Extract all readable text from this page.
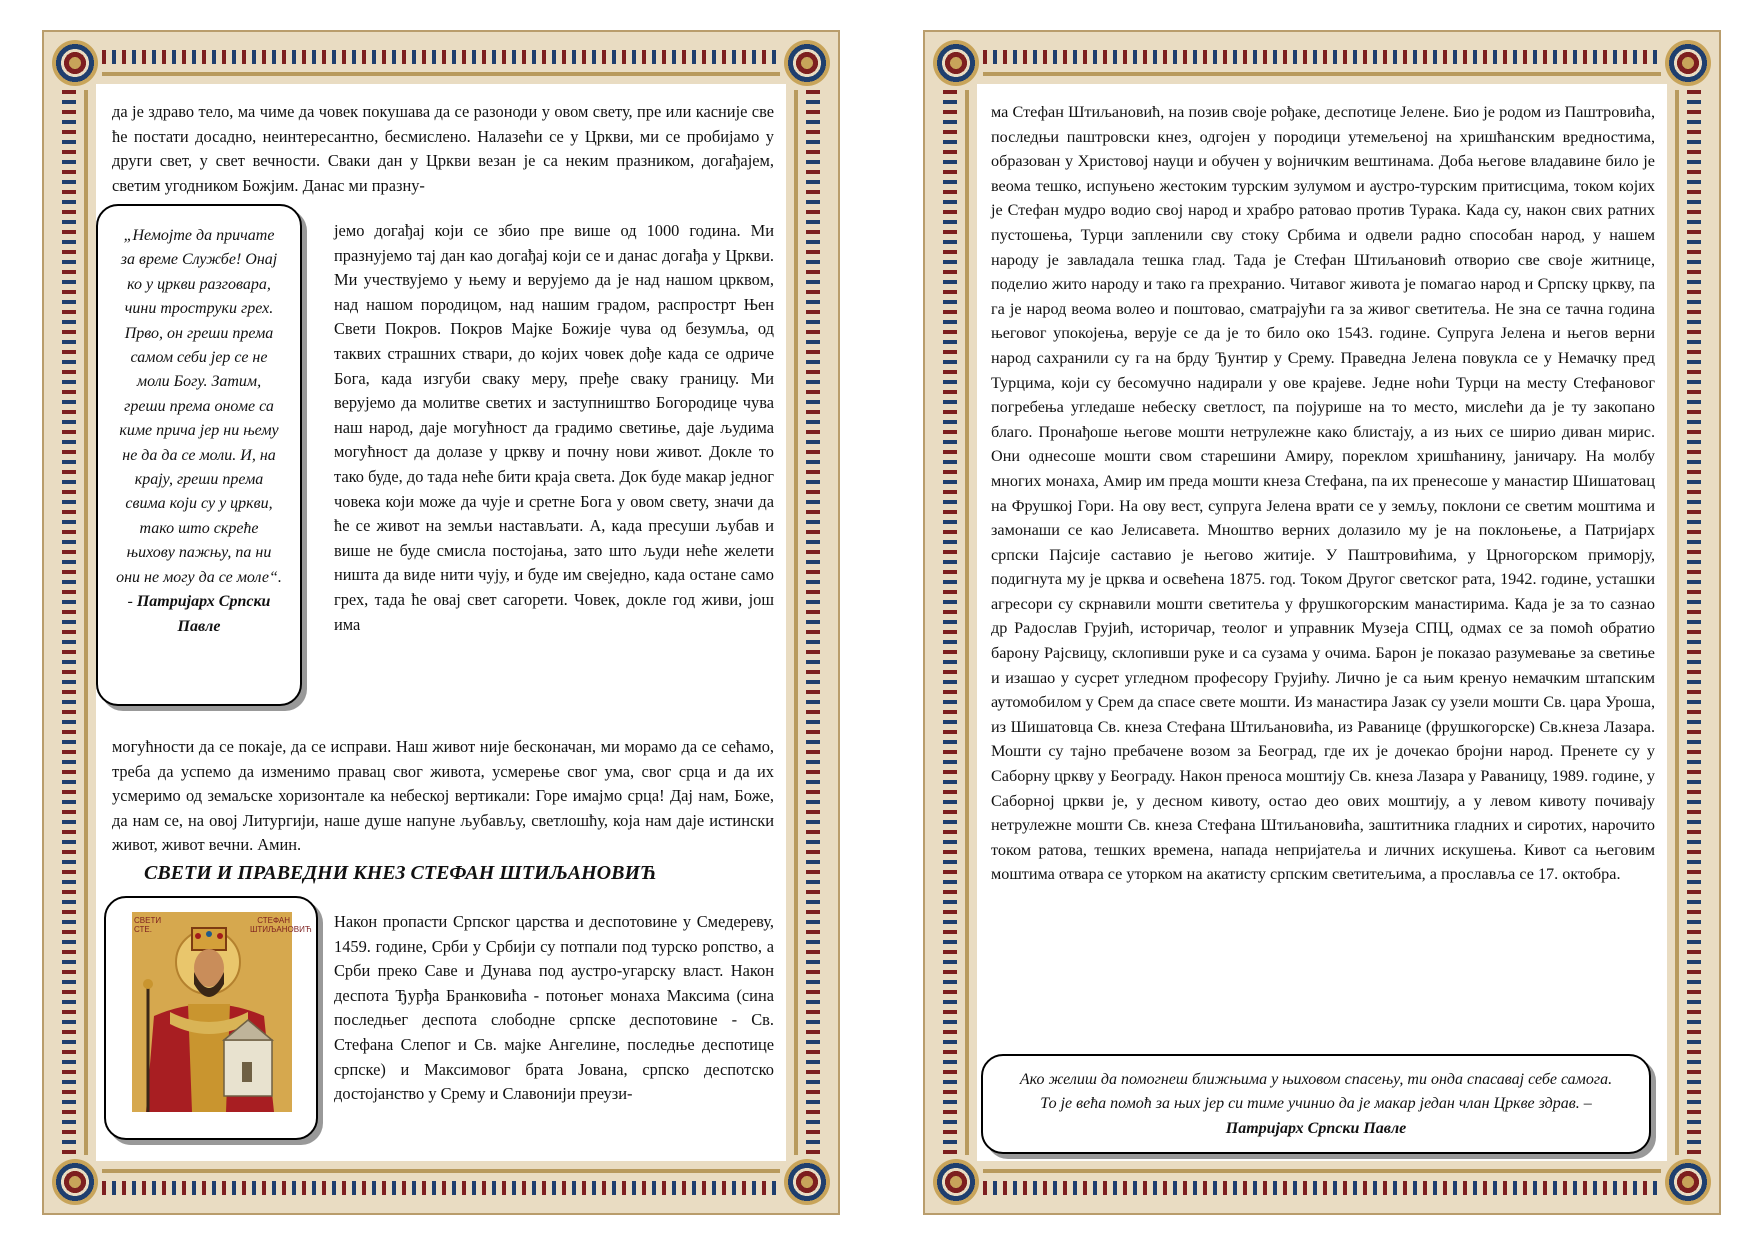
да је здраво тело, ма чиме да човек покушава да се разоноди у овом свету, пре или касније све ће постати досадно, неинтересантно, бесмислено. Налазећи се у Цркви, ми се пробијамо у други свет, у свет вечности. Сваки дан у Цркви везан је са неким празником, догађајем, светим угодником Божјим. Данас ми празну-

„Немојте да причате за време Службе! Онај ко у цркви разговара, чини троструки грех. Прво, он греши према самом себи јер се не моли Богу. Затим, греши према ономе са киме прича јер ни њему не да да се моли. И, на крају, греши према свима који су у цркви, тако што скреће њихову пажњу, па ни они не могу да се моле“. - Патријарх Српски Павле

јемо догађај који се збио пре више од 1000 година. Ми празнујемо тај дан као догађај који се и данас догађа у Цркви. Ми учествујемо у њему и верујемо да је над нашом црквом, над нашом породицом, над нашим градом, распрострт Њен Свети Покров. Покров Мајке Божије чува од безумља, од таквих страшних ствари, до којих човек дође када се одриче Бога, када изгуби сваку меру, пређе сваку границу. Ми верујемо да молитве светих и заступништво Богородице чува наш народ, даје могућност да градимо светиње, даје људима могућност да долазе у цркву и почну нови живот. Докле то тако буде, до тада неће бити краја света. Док буде макар једног човека који може да чује и сретне Бога у овом свету, значи да ће се живот на земљи настављати. А, када пресуши љубав и више не буде смисла постојања, зато што људи неће желети ништа да виде нити чују, и буде им свеједно, када остане само грех, тада ће овај свет сагорети. Човек, докле год живи, још има

могућности да се покаје, да се исправи. Наш живот није бесконачан, ми морамо да се сећамо, треба да успемо да изменимо правац свог живота, усмерење свог ума, свог срца и да их усмеримо од земаљске хоризонтале ка небеској вертикали: Горе имајмо срца! Дај нам, Боже, да нам се, на овој Литургији, наше душе напуне љубављу, светлошћу, која нам даје истински живот, живот вечни. Амин.

СВЕТИ И ПРАВЕДНИ КНЕЗ СТЕФАН ШТИЉАНОВИЋ
СВЕТИ СТЕ.
СТЕФАН ШТИЉАНОВИЋ Након пропасти Српског царства и деспотовине у Смедереву, 1459. године, Срби у Србији су потпали под турско ропство, а Срби преко Саве и Дунава под аустро-угарску власт. Након деспота Ђурђа Бранковића - потоњег монаха Максима (сина последњег деспота слободне српске деспотовине - Св. Стефана Слепог и Св. мајке Ангелине, последње деспотице српске) и Максимовог брата Јована, српско деспотско достојанство у Срему и Славонији преузи-

ма Стефан Штиљановић, на позив своје рођаке, деспотице Јелене. Био је родом из Паштровића, последњи паштровски кнез, одгојен у породици утемељеној на хришћанским вредностима, образован у Христовој науци и обучен у војничким вештинама. Доба његове владавине било је веома тешко, испуњено жестоким турским зулумом и аустро-турским притисцима, током којих је Стефан мудро водио свој народ и храбро ратовао против Турака. Када су, након свих ратних пустошења, Турци запленили сву стоку Србима и одвели радно способан народ, у нашем народу је завладала тешка глад. Тада је Стефан Штиљановић отворио све своје житнице, поделио жито народу и тако га прехранио. Читавог живота је помагао народ и Српску цркву, па га је народ веома волео и поштовао, сматрајући га за живог светитеља. Не зна се тачна година његовог упокојења, верује се да је то било око 1543. године. Супруга Јелена и његов верни народ сахранили су га на брду Ђунтир у Срему. Праведна Јелена повукла се у Немачку пред Турцима, који су бесомучно надирали у ове крајеве. Једне ноћи Турци на месту Стефановог погребења угледаше небеску светлост, па појурише на то место, мислећи да је ту закопано благо. Пронађоше његове мошти нетрулежне како блистају, а из њих се ширио диван мирис. Они однесоше мошти свом старешини Амиру, пореклом хришћанину, јаничару. На молбу многих монаха, Амир им преда мошти кнеза Стефана, па их пренесоше у манастир Шишатовац на Фрушкој Гори. На ову вест, супруга Јелена врати се у земљу, поклони се светим моштима и замонаши се као Јелисавета. Мноштво верних долазило му је на поклоњење, а Патријарх српски Пајсије саставио је његово житије. У Паштровићима, у Црногорском приморју, подигнута му је црква и освећена 1875. год. Током Другог светског рата, 1942. године, усташки агресори су скрнавили мошти светитеља у фрушкогорским манастирима. Када је за то сазнао др Радослав Грујић, историчар, теолог и управник Музеја СПЦ, одмах се за помоћ обратио барону Рајсвицу, склопивши руке и са сузама у очима. Барон је показао разумевање за светиње и изашао у сусрет угледном професору Грујићу. Лично је са њим кренуо немачким штапским аутомобилом у Срем да спасе свете мошти. Из манастира Јазак су узели мошти Св. цара Уроша, из Шишатовца Св. кнеза Стефана Штиљановића, из Раванице (фрушкогорске) Св.кнеза Лазара. Мошти су тајно пребачене возом за Београд, где их је дочекао бројни народ. Пренете су у Саборну цркву у Београду. Након преноса моштију Св. кнеза Лазара у Раваницу, 1989. године, у Саборној цркви је, у десном кивоту, остао део ових моштију, а у левом кивоту почивају нетрулежне мошти Св. кнеза Стефана Штиљановића, заштитника гладних и сиротих, нарочито током ратова, тешких времена, напада непријатеља и личних искушења. Кивот са његовим моштима отвара се уторком на акатисту српским светитељима, а прославља се 17. октобра.

Ако желиш да помогнеш ближњима у њиховом спасењу, ти онда спасавај себе самога. То је већа помоћ за њих јер си тиме учинио да је макар један члан Цркве здрав. – Патријарх Српски Павле
